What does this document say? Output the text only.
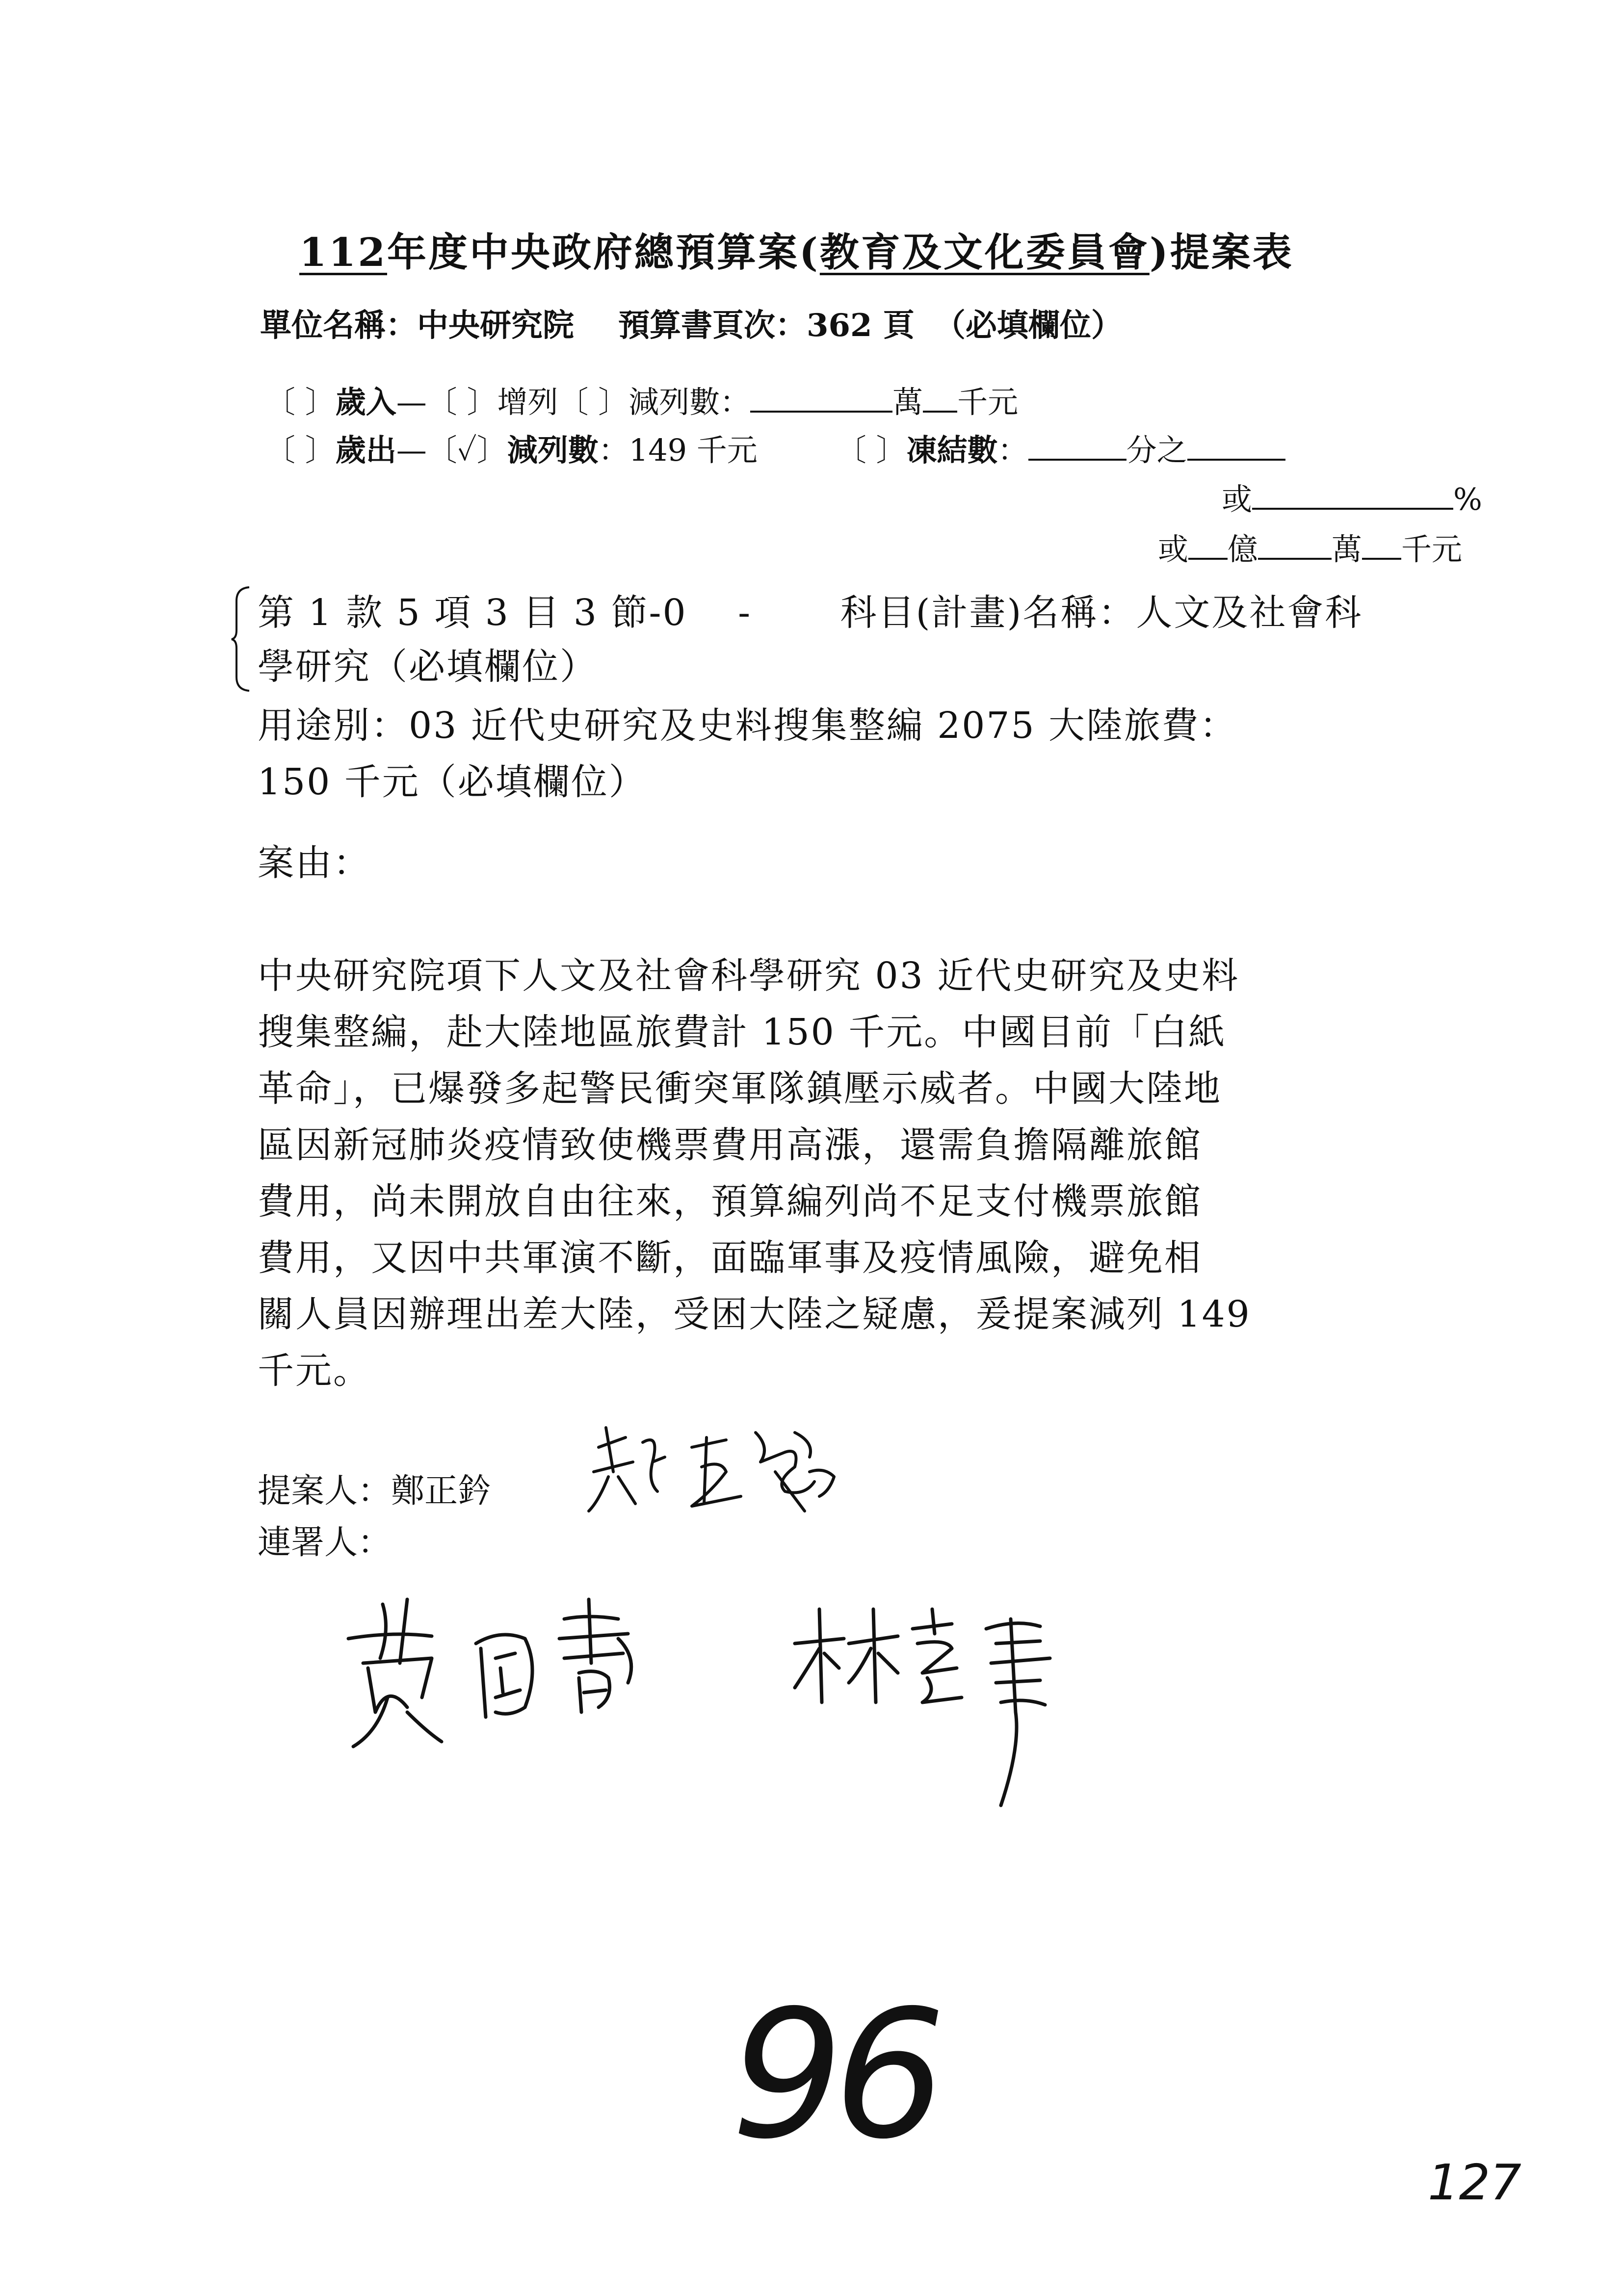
112年度中央政府總預算案(教育及文化委員會)提案表
單位名稱：中央研究院 預算書頁次：362 頁 （必填欄位）
〔 〕歲入—〔 〕增列〔 〕減列數：	萬 千元
〔 〕歲出—〔✓〕減列數：149 千元	〔 〕凍結數：	分之
或	%
或 億 萬 千元
第 1 款 5 項 3 目 3 節-0　 -　　 科目(計畫)名稱：人文及社會科
學研究（必填欄位）
用途別：03 近代史研究及史料搜集整編 2075 大陸旅費：
150 千元（必填欄位）
案由：
中央研究院項下人文及社會科學研究 03 近代史研究及史料
搜集整編，赴大陸地區旅費計 150 千元。中國目前「白紙
革命」，已爆發多起警民衝突軍隊鎮壓示威者。中國大陸地
區因新冠肺炎疫情致使機票費用高漲，還需負擔隔離旅館
費用，尚未開放自由往來，預算編列尚不足支付機票旅館
費用，又因中共軍演不斷，面臨軍事及疫情風險，避免相
關人員因辦理出差大陸，受困大陸之疑慮，爰提案減列 149
千元。
提案人：鄭正鈐
連署人：
96
127
